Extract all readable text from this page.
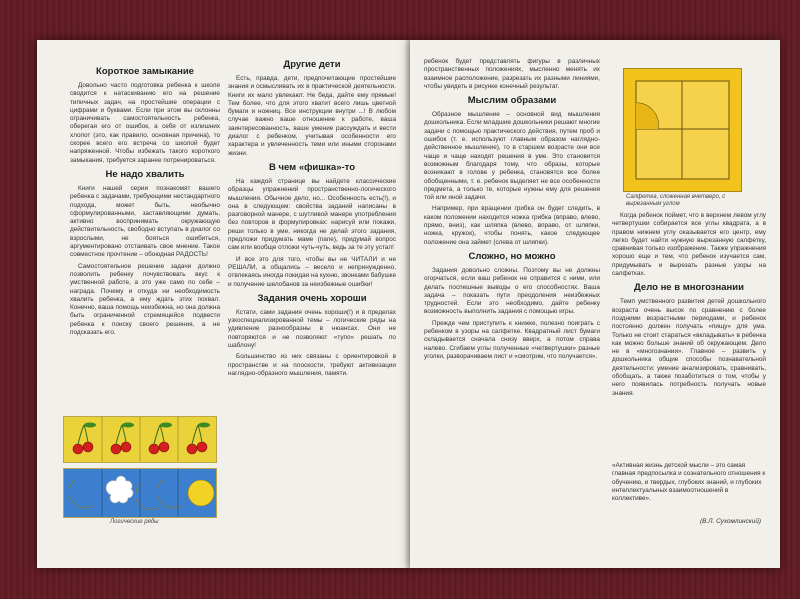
Короткое замыкание

Довольно часто подготовка ребенка к школе сводится к натаскиванию его на решение типичных задач, на простейшие операции с цифрами и буквами. Если при этом вы склонны ограничивать самостоятельность ребенка, оберегая его от ошибок, а себя от излишних хлопот (это, как правило, основная причина), то скорее всего его встреча со школой будет напряженной. Чтобы избежать такого короткого замыкания, требуется заранее потренироваться.

Не надо хвалить

Книги нашей серии познакомят вашего ребенка с задачами, требующими нестандартного подхода, может быть, необычно сформулированными, заставляющими думать, активно воспринимать окружающую действительность, свободно вступать в диалог со взрослыми, не бояться ошибиться, аргументировано отстаивать свое мнение. Такое совместное прочтение – обоюдная РАДОСТЬ!

Самостоятельное решение задачи должно позволить ребенку почувствовать вкус к умственной работе, а это уже само по себе – награда. Почему и откуда ни необходимость хвалить ребенка, а ему ждать этих похвал. Конечно, ваша помощь неизбежна, но она должна быть ограниченной стремящейся подвести ребенка к поиску своего решения, а не подсказать его.

Логические ряды
Другие дети

Есть, правда, дети, предпочитающие простейшие знания и осмысливать их в практической деятельности. Книги их мало увлекают. Не беда, дайте ему прямые! Тем более, что для этого хватит всего лишь цветной бумаги и ножниц. Все инструкции внутри ...! В любом случае важно ваше отношение к работе, ваша заинтересованность, ваше умение рассуждать и вести диалог с ребенком, учитывая особенности его характера и увлеченность теми или иными сторонами жизни.

В чем «фишка»-то

На каждой странице вы найдете классические образцы упражнений пространственно-логического мышления. Обычное дело, но... Особенность есть(!), и она в следующем: свойства заданий написаны в разговорной манере, с шутливой манере употребления без повторов в формулировках: нарисуй или покажи, реши только в уме, никогда не делай этого задания, предложи придумать маме (папе), придумай вопрос сам или вообще отложи чуть-чуть, ведь за те эту устал!

И все это для того, чтобы вы не ЧИТАЛИ и не РЕШАЛИ, а общались – весело и непринужденно, отвлекаясь иногда покидая на кухню, звонками бабушке и получение шелобанов за неизбежные ошибки!

Задания очень хороши

Кстати, сами задания очень хороши(!) и в пределах узкоспециализированной темы – логические ряды на удивление разнообразны в нюансах. Они не повторяются и не позволяют «тупо» решать по шаблону!

Большинство из них связаны с ориентировкой в пространстве и на плоскости, требуют активизации наглядно-образного мышления, памяти.

ребенок будет представлять фигуры в различных пространственных положениях, мысленно менять их взаимное расположение, разрезать их разными линиями, чтобы увидеть в рисунке конечный результат.

Мыслим образами

Образное мышление – основной вид мышления дошкольника. Если младшие дошкольники решают многие задачи с помощью практического действия, путем проб и ошибок (т. е. используют главным образом наглядно-действенное мышление), то в старшем возрасте они все чаще и чаще находят решения в уме. Это становится возможным благодаря тому, что образы, которые возникают в голове у ребенка, становятся все более обобщенными, т. е. ребенок выделяет не все особенности предмета, а только те, которые нужны ему для решения той или иной задачи.

Например, при вращении грибка он будет следить, в каком положении находится ножка грибка (вправо, влево, прямо, вниз), как шляпка (влево, вправо, от шляпки, ножка, кружок), чтобы понять, какое следующее положение она займет (слева от шляпки).

Сложно, но можно

Задания довольно сложны. Поэтому вы не должны огорчаться, если ваш ребенок не справится с ними, или делать поспешные выводы о его способностях. Ваша задача – показать пути преодоления неизбежных трудностей. Если это необходимо, дайте ребенку возможность выполнить задания с помощью игры.

Прежде чем приступить к книжке, полезно поиграть с ребенком в узоры на салфетке. Квадратный лист бумаги складывается сначала снизу вверх, а потом справа налево. Сгибаем углы полученные «четвертушки» разные уголки, разворачиваем лист и «смотрим, что получается».

Салфетка, сложенная вчетверо, с вырезанным углом

Когда ребенок поймет, что в верхнем левом углу четвертушки собирается все углы квадрата, а в правом нижнем углу оказывается его центр, ему легко будет найти нужную вырезанную салфетку, сравнивая только изображение. Также упражнения хорошо еще и тем, что ребенок изучается сам, придумывать и вырезать разные узоры на салфетках.

Дело не в многознании

Темп умственного развития детей дошкольного возраста очень высок по сравнению с более поздними возрастными периодами, и ребенок постоянно должен получать «пищу» для ума. Только не стоит стараться «вкладывать» в ребенка как можно больше знаний об окружающем. Дело не в «многознании». Главное – развить у дошкольника общие способы познавательной деятельности: умение анализировать, сравнивать, обобщать, а также позаботиться о том, чтобы у него появилась потребность получать новые знания.

«Активная жизнь детской мысли – это самая главная предпосылка и сознательного отношения к обучению, и твердых, глубоких знаний, и глубоких интеллектуальных взаимоотношений в коллективе».
(В.Л. Сухомлинский)
